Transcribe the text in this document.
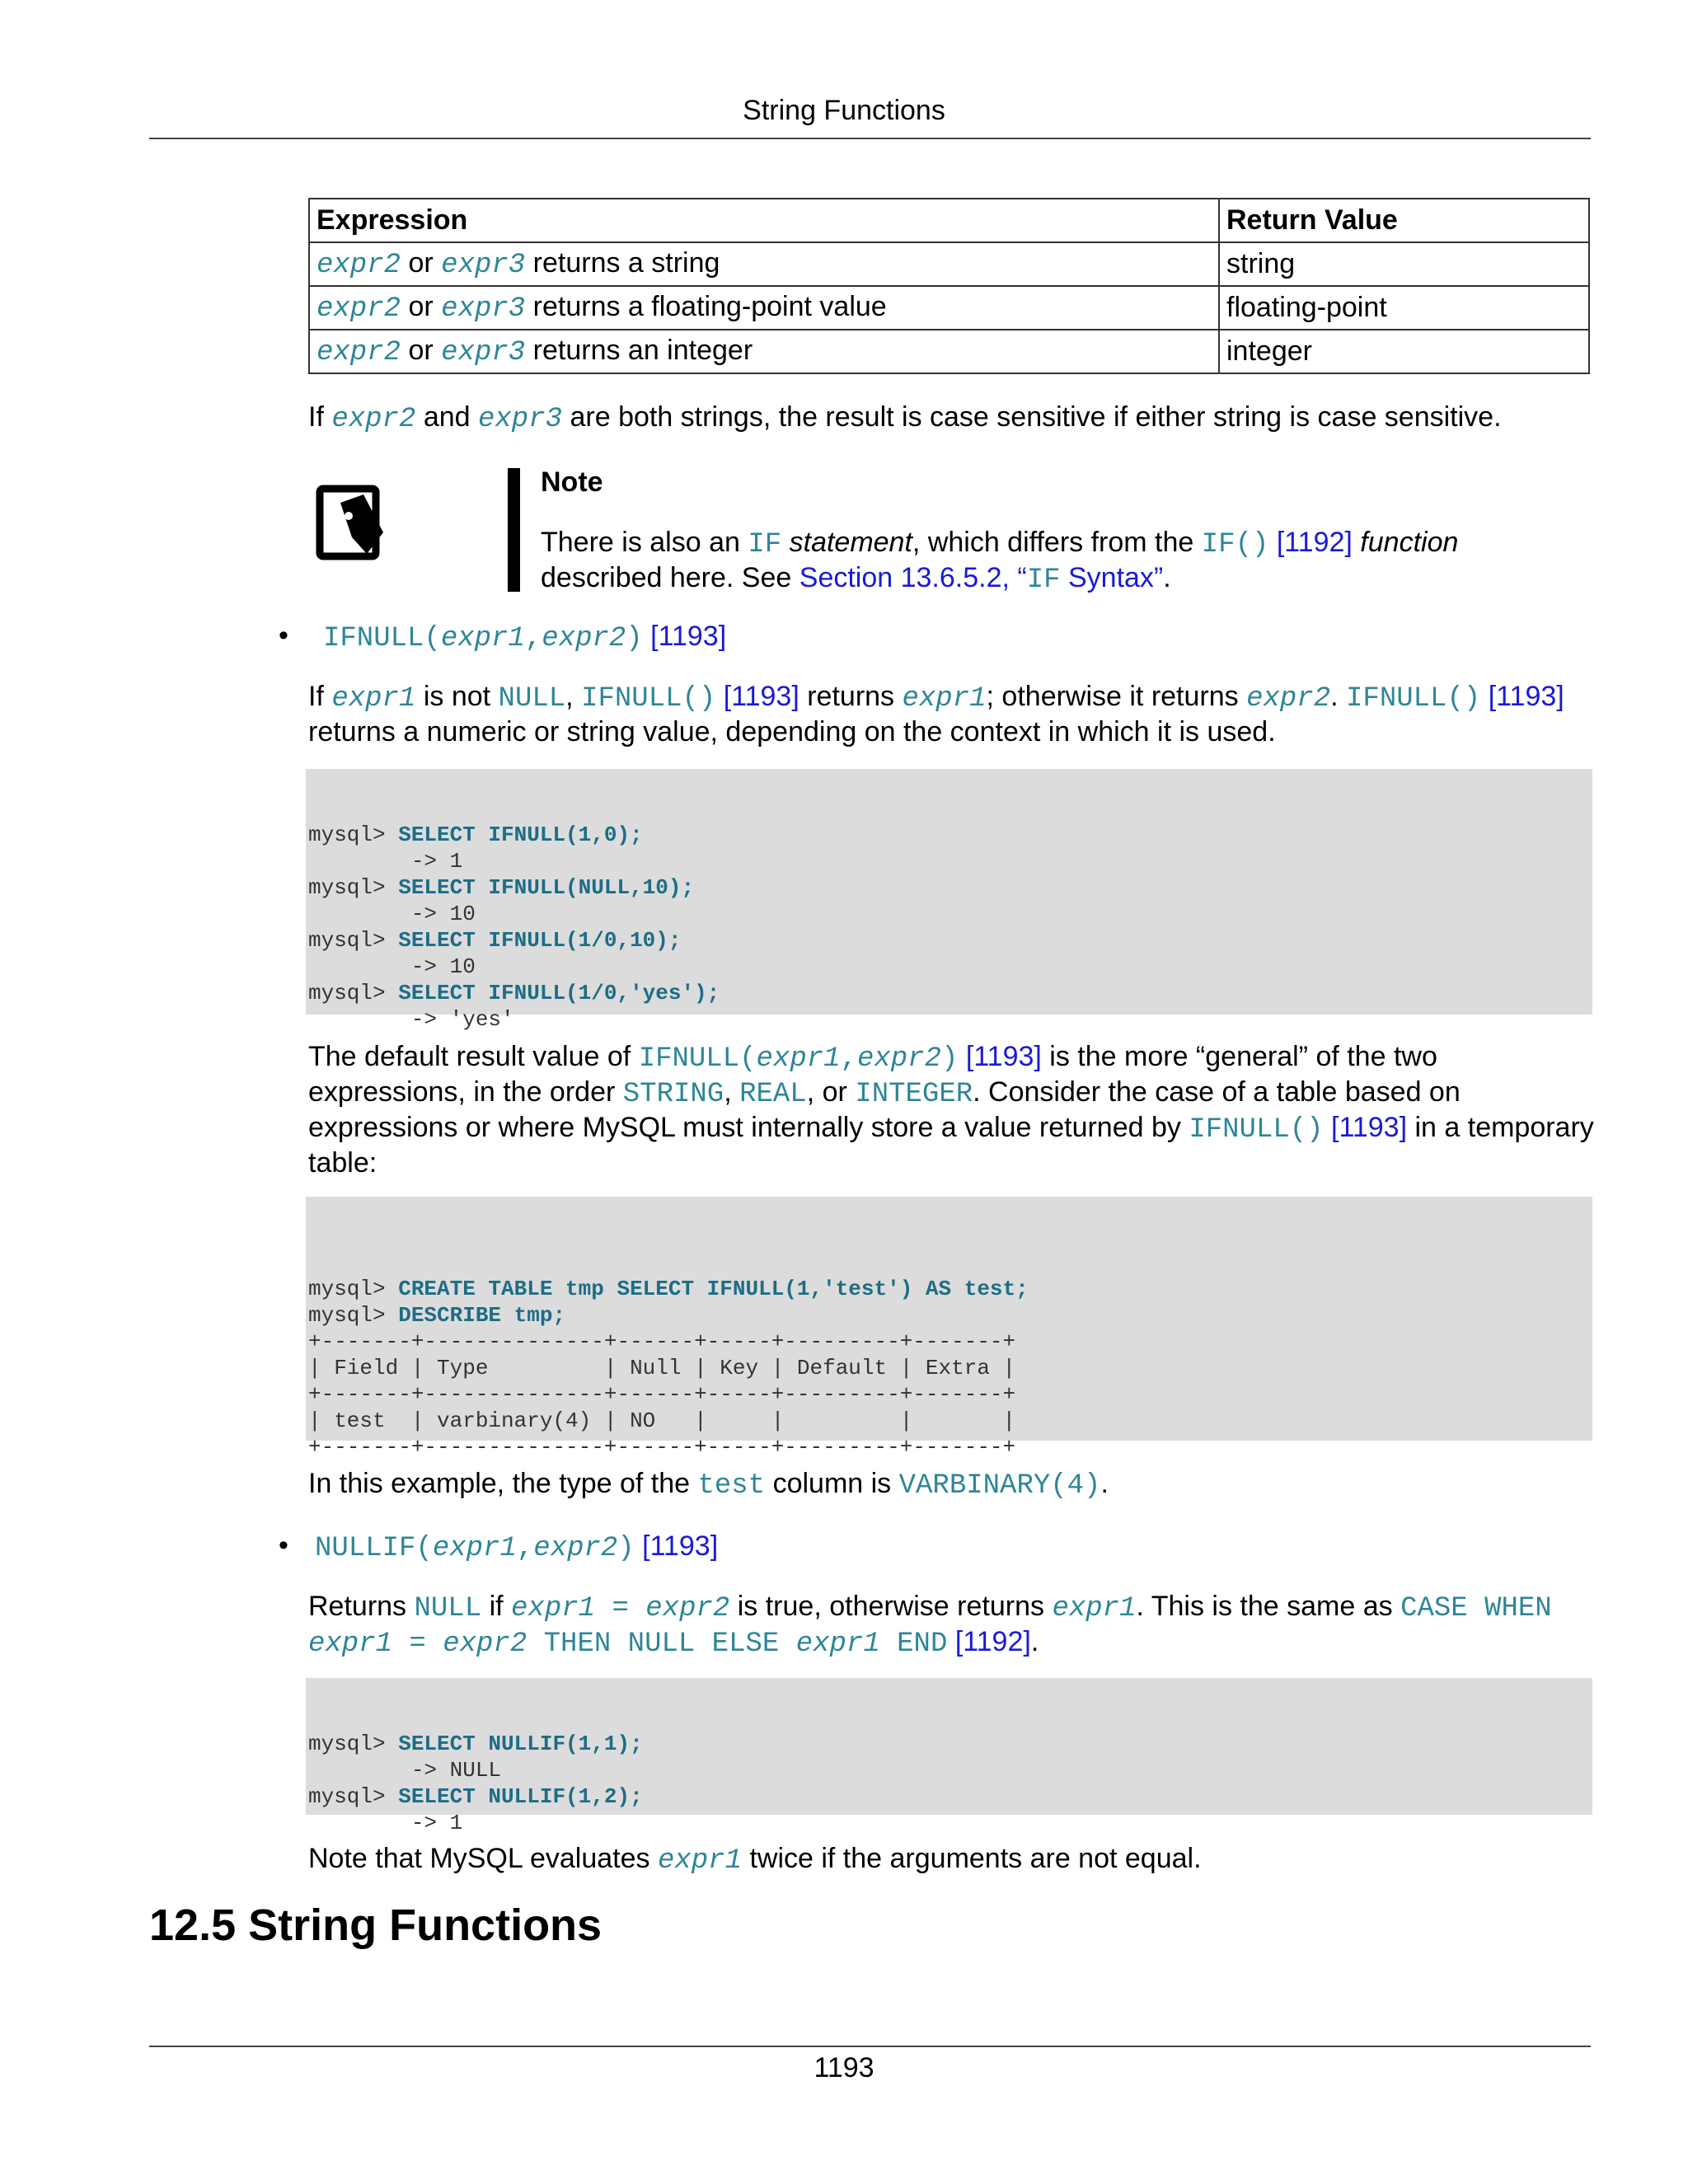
String Functions
Expression	Return Value
expr2 or expr3 returns a string	string
expr2 or expr3 returns a floating-point value	floating-point
expr2 or expr3 returns an integer	integer
If expr2 and expr3 are both strings, the result is case sensitive if either string is case sensitive.
Note
There is also an IF statement, which differs from the IF() [1192] function
described here. See Section 13.6.5.2, “IF Syntax”.
• IFNULL(expr1,expr2) [1193]
If expr1 is not NULL, IFNULL() [1193] returns expr1; otherwise it returns expr2. IFNULL() [1193]
returns a numeric or string value, depending on the context in which it is used.

mysql> SELECT IFNULL(1,0);
-> 1
mysql> SELECT IFNULL(NULL,10);
-> 10
mysql> SELECT IFNULL(1/0,10);
-> 10
mysql> SELECT IFNULL(1/0,'yes');
-> 'yes'
The default result value of IFNULL(expr1,expr2) [1193] is the more “general” of the two
expressions, in the order STRING, REAL, or INTEGER. Consider the case of a table based on
expressions or where MySQL must internally store a value returned by IFNULL() [1193] in a temporary
table:

mysql> CREATE TABLE tmp SELECT IFNULL(1,'test') AS test;
mysql> DESCRIBE tmp;
+-------+--------------+------+-----+---------+-------+
| Field | Type         | Null | Key | Default | Extra |
+-------+--------------+------+-----+---------+-------+
| test  | varbinary(4) | NO   |     |         |       |
+-------+--------------+------+-----+---------+-------+
In this example, the type of the test column is VARBINARY(4).
• NULLIF(expr1,expr2) [1193]
Returns NULL if expr1 = expr2 is true, otherwise returns expr1. This is the same as CASE WHEN
expr1 = expr2 THEN NULL ELSE expr1 END [1192].

mysql> SELECT NULLIF(1,1);
-> NULL
mysql> SELECT NULLIF(1,2);
-> 1
Note that MySQL evaluates expr1 twice if the arguments are not equal.
12.5 String Functions
1193
